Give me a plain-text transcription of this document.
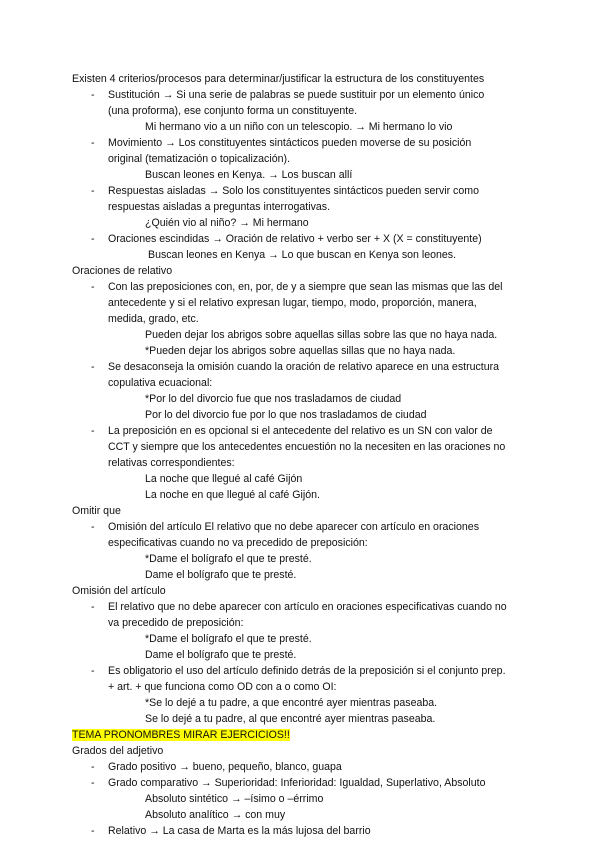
Existen 4 criterios/procesos para determinar/justificar la estructura de los constituyentes
- Sustitución → Si una serie de palabras se puede sustituir por un elemento único
(una proforma), ese conjunto forma un constituyente.
Mi hermano vio a un niño con un telescopio. → Mi hermano lo vio
- Movimiento → Los constituyentes sintácticos pueden moverse de su posición
original (tematización o topicalización).
Buscan leones en Kenya. → Los buscan allí
- Respuestas aisladas → Solo los constituyentes sintácticos pueden servir como
respuestas aisladas a preguntas interrogativas.
¿Quién vio al niño? → Mi hermano
- Oraciones escindidas → Oración de relativo + verbo ser + X (X = constituyente)
Buscan leones en Kenya → Lo que buscan en Kenya son leones.
Oraciones de relativo
- Con las preposiciones con, en, por, de y a siempre que sean las mismas que las del
antecedente y si el relativo expresan lugar, tiempo, modo, proporción, manera,
medida, grado, etc.
Pueden dejar los abrigos sobre aquellas sillas sobre las que no haya nada.
*Pueden dejar los abrigos sobre aquellas sillas que no haya nada.
- Se desaconseja la omisión cuando la oración de relativo aparece en una estructura
copulativa ecuacional:
*Por lo del divorcio fue que nos trasladamos de ciudad
Por lo del divorcio fue por lo que nos trasladamos de ciudad
- La preposición en es opcional si el antecedente del relativo es un SN con valor de
CCT y siempre que los antecedentes encuestión no la necesiten en las oraciones no
relativas correspondientes:
La noche que llegué al café Gijón
La noche en que llegué al café Gijón.
Omitir que
- Omisión del artículo El relativo que no debe aparecer con artículo en oraciones
especificativas cuando no va precedido de preposición:
*Dame el bolígrafo el que te presté.
Dame el bolígrafo que te presté.
Omisión del artículo
- El relativo que no debe aparecer con artículo en oraciones especificativas cuando no
va precedido de preposición:
*Dame el bolígrafo el que te presté.
Dame el bolígrafo que te presté.
- Es obligatorio el uso del artículo definido detrás de la preposición si el conjunto prep.
+ art. + que funciona como OD con a o como OI:
*Se lo dejé a tu padre, a que encontré ayer mientras paseaba.
Se lo dejé a tu padre, al que encontré ayer mientras paseaba.
TEMA PRONOMBRES MIRAR EJERCICIOS!!
Grados del adjetivo
- Grado positivo → bueno, pequeño, blanco, guapa
- Grado comparativo → Superioridad: Inferioridad: Igualdad, Superlativo, Absoluto
Absoluto sintético → –ísimo o –érrimo
Absoluto analítico → con muy
- Relativo → La casa de Marta es la más lujosa del barrio
